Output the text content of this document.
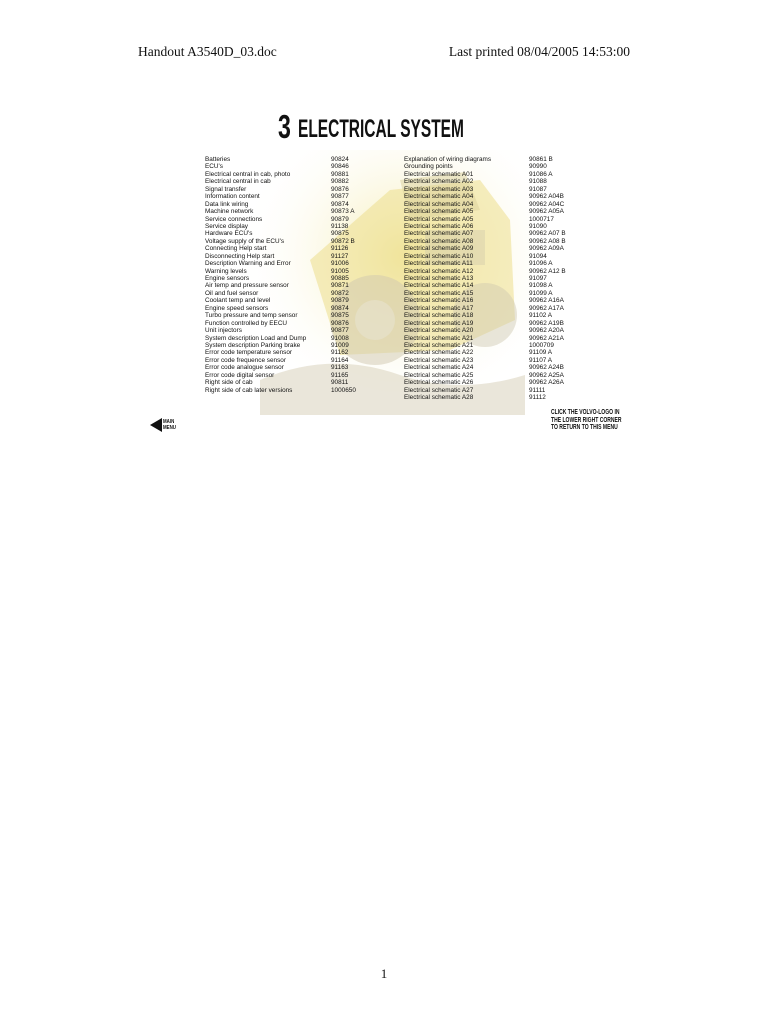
Handout A3540D_03.doc	Last printed 08/04/2005 14:53:00
3 ELECTRICAL SYSTEM
Batteries	90824
ECU's	90846
Electrical central in cab, photo	90881
Electrical central in cab	90882
Signal transfer	90876
Information content	90877
Data link wiring	90874
Machine network	90873 A
Service connections	90879
Service display	91138
Hardware ECU's	90875
Voltage supply of the ECU's	90872 B
Connecting Help start	91126
Disconnecting Help start	91127
Description Warning and Error	91006
Warning levels	91005
Engine sensors	90885
Air temp and pressure sensor	90871
Oil and fuel sensor	90872
Coolant temp and level	90879
Engine speed sensors	90874
Turbo pressure and temp sensor	90875
Function controlled by EECU	90876
Unit injectors	90877
System description Load and Dump	91008
System description Parking brake	91009
Error code temperature sensor	91162
Error code frequence sensor	91164
Error code analogue sensor	91163
Error code digital sensor	91165
Right side of cab	90811
Right side of cab later versions	1000650
Explanation of wiring diagrams	90861 B
Grounding points	90990
Electrical schematic A01	91086 A
Electrical schematic A02	91088
Electrical schematic A03	91087
Electrical schematic A04	90962 A04B
Electrical schematic A04	90962 A04C
Electrical schematic A05	90962 A05A
Electrical schematic A05	1000717
Electrical schematic A06	91090
Electrical schematic A07	90962 A07 B
Electrical schematic A08	90962 A08 B
Electrical schematic A09	90962 A09A
Electrical schematic A10	91094
Electrical schematic A11	91096 A
Electrical schematic A12	90962 A12 B
Electrical schematic A13	91097
Electrical schematic A14	91098 A
Electrical schematic A15	91099 A
Electrical schematic A16	90962 A16A
Electrical schematic A17	90962 A17A
Electrical schematic A18	91102 A
Electrical schematic A19	90962 A19B
Electrical schematic A20	90962 A20A
Electrical schematic A21	90962 A21A
Electrical schematic A21	1000709
Electrical schematic A22	91109 A
Electrical schematic A23	91107 A
Electrical schematic A24	90962 A24B
Electrical schematic A25	90962 A25A
Electrical schematic A26	90962 A26A
Electrical schematic A27	91111
Electrical schematic A28	91112
MAIN
MENU
CLICK THE VOLVO-LOGO IN
THE LOWER RIGHT CORNER
TO RETURN TO THIS MENU
1
